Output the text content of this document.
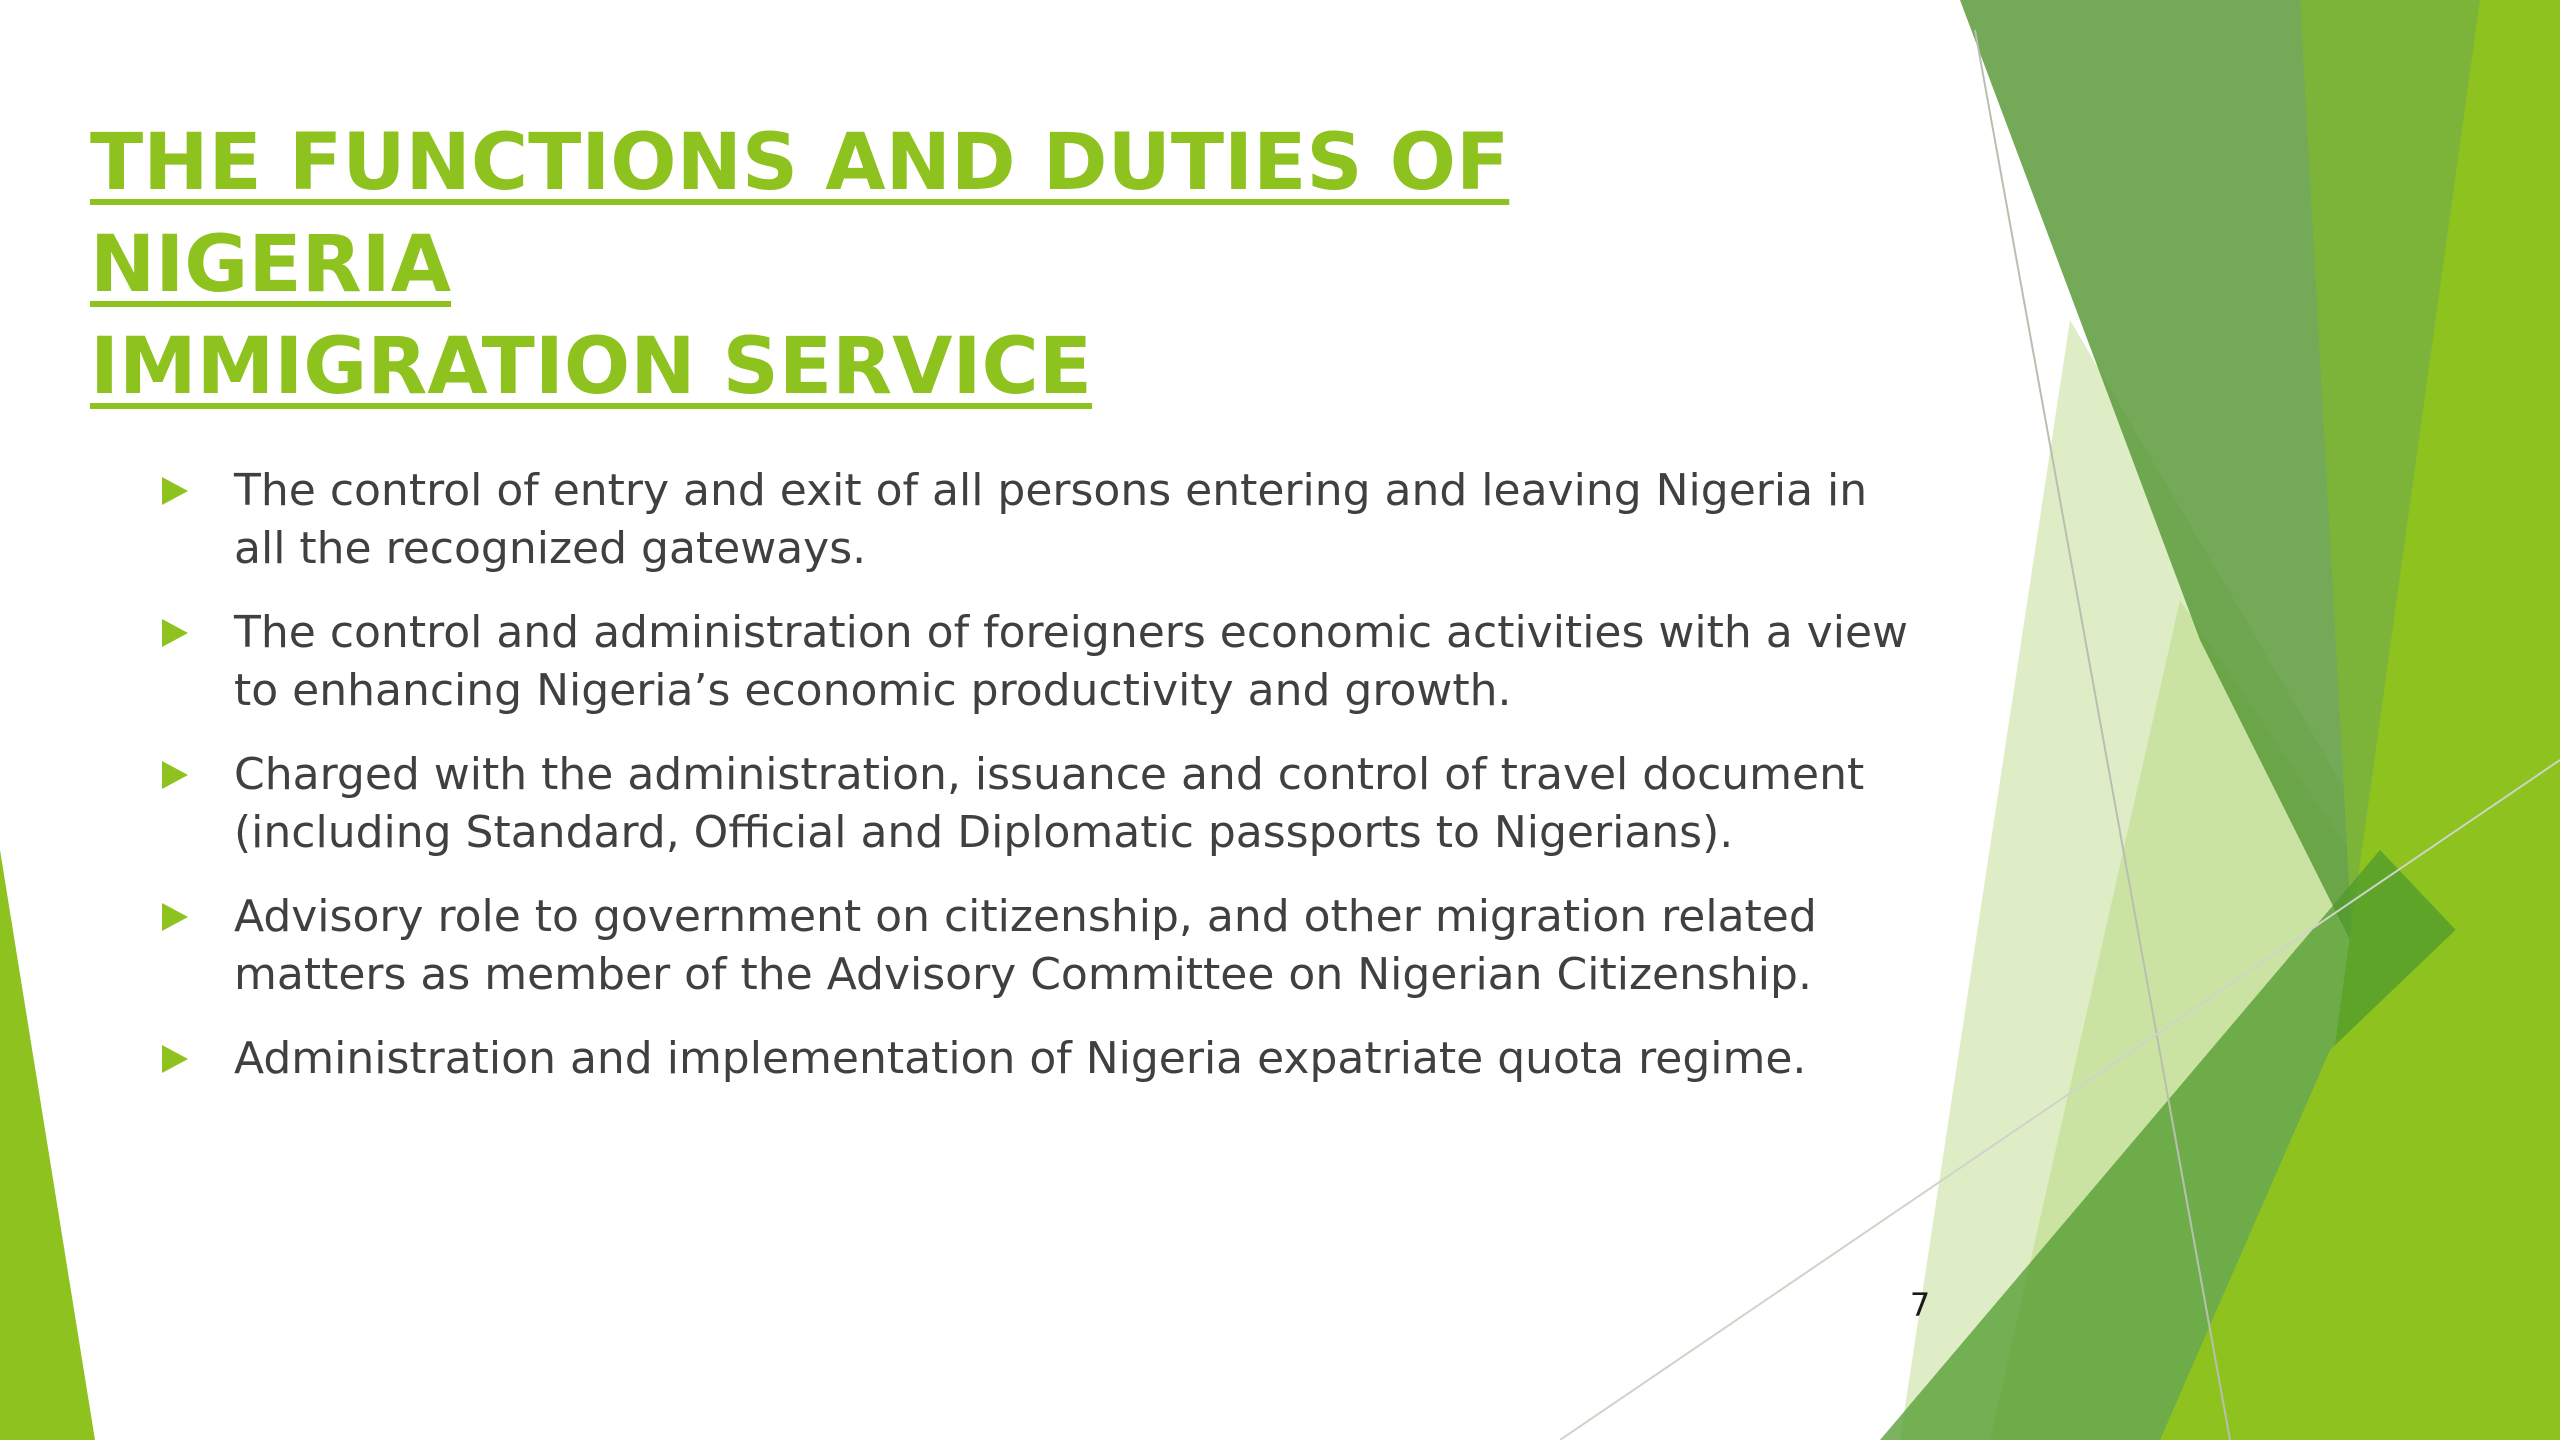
THE FUNCTIONS AND DUTIES OF NIGERIA
IMMIGRATION SERVICE
The control of entry and exit of all persons entering and leaving Nigeria in all the recognized gateways.
The control and administration of foreigners economic activities with a view to enhancing Nigeria’s economic productivity and growth.
Charged with the administration, issuance and control of travel document (including Standard, Official and Diplomatic passports to Nigerians).
Advisory role to government on citizenship, and other migration related matters as member of the Advisory Committee on Nigerian Citizenship.
Administration and implementation of Nigeria expatriate quota regime.
7
